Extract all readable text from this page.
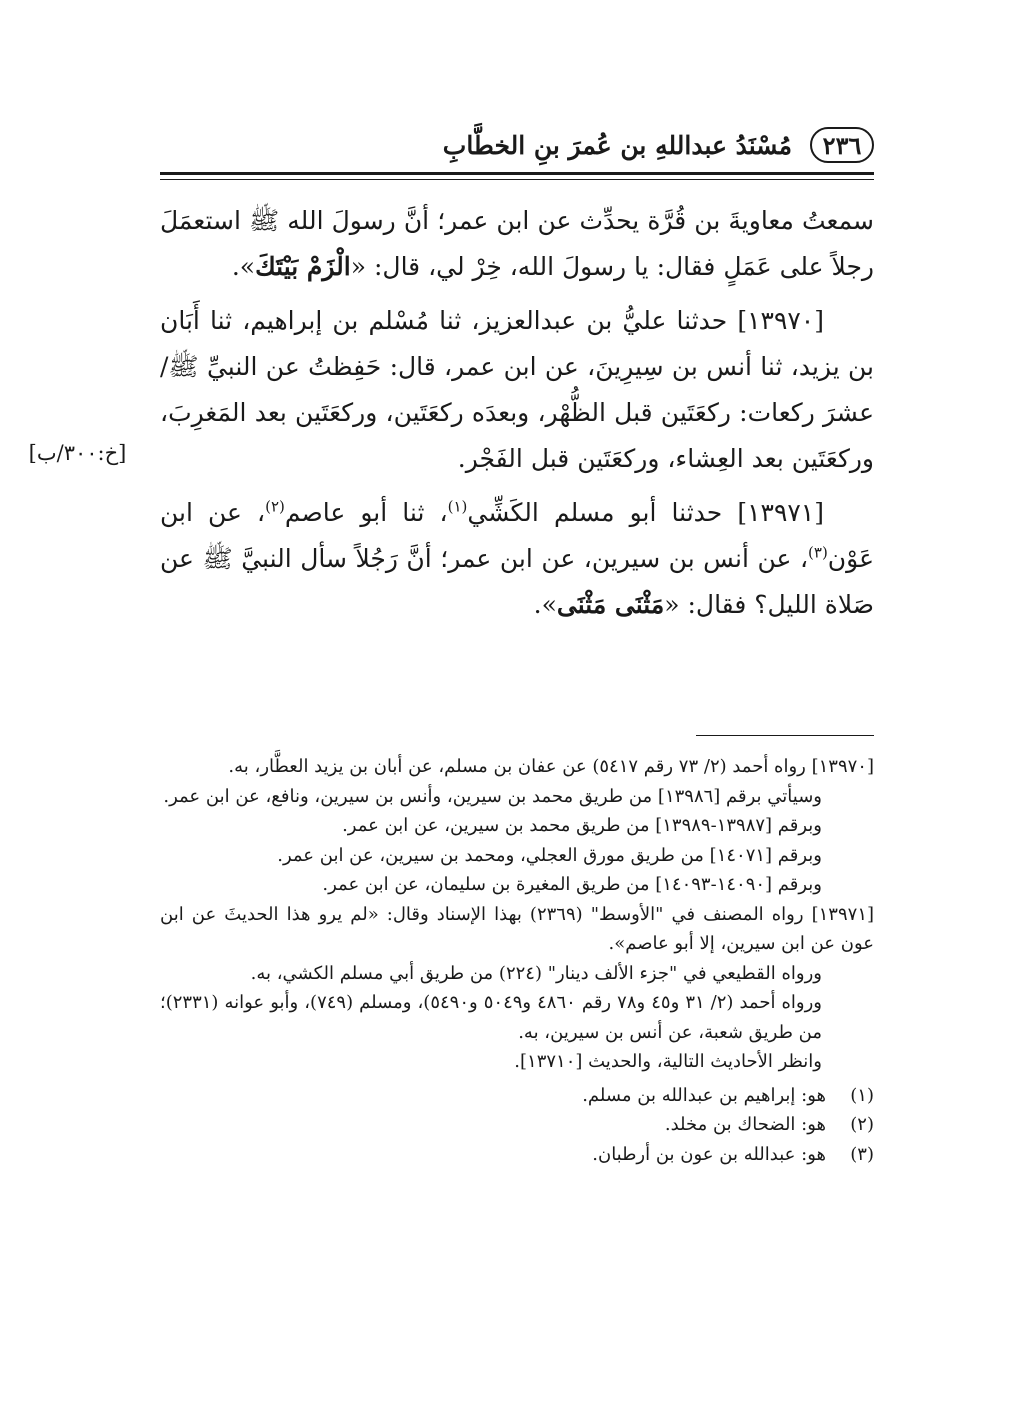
٢٣٦
مُسْنَدُ عبداللهِ بن عُمرَ بنِ الخطَّابِ
[خ:٣٠٠/ب]

سمعتُ معاويةَ بن قُرَّة يحدِّث عن ابن عمر؛ أنَّ رسولَ الله ﷺ استعمَلَ رجلاً على عَمَلٍ فقال: يا رسولَ الله، خِرْ لي، قال: «الْزَمْ بَيْتَكَ».

[١٣٩٧٠] حدثنا عليُّ بن عبدالعزيز، ثنا مُسْلم بن إبراهيم، ثنا أَبَان بن يزيد، ثنا أنس بن سِيرِينَ، عن ابن عمر، قال: حَفِظتُ عن النبيِّ ﷺ/ عشرَ ركعات: ركعَتَين قبل الظُّهْر، وبعدَه ركعَتَين، وركعَتَين بعد المَغرِبَ، وركعَتَين بعد العِشاء، وركعَتَين قبل الفَجْر.

[١٣٩٧١] حدثنا أبو مسلم الكَشِّي$^{(١)}$، ثنا أبو عاصم$^{(٢)}$، عن ابن عَوْن$^{(٣)}$، عن أنس بن سيرين، عن ابن عمر؛ أنَّ رَجُلاً سأل النبيَّ ﷺ عن صَلاة الليل؟ فقال: «مَثْنَى مَثْنَى».

[١٣٩٧٠] رواه أحمد (٢/ ٧٣ رقم ٥٤١٧) عن عفان بن مسلم، عن أبان بن يزيد العطَّار، به.

وسيأتي برقم [١٣٩٨٦] من طريق محمد بن سيرين، وأنس بن سيرين، ونافع، عن ابن عمر.

وبرقم [١٣٩٨٧-١٣٩٨٩] من طريق محمد بن سيرين، عن ابن عمر.

وبرقم [١٤٠٧١] من طريق مورق العجلي، ومحمد بن سيرين، عن ابن عمر.

وبرقم [١٤٠٩٠-١٤٠٩٣] من طريق المغيرة بن سليمان، عن ابن عمر.

[١٣٩٧١] رواه المصنف في "الأوسط" (٢٣٦٩) بهذا الإسناد وقال: «لم يرو هذا الحديثَ عن ابن عون عن ابن سيرين، إلا أبو عاصم».

ورواه القطيعي في "جزء الألف دينار" (٢٢٤) من طريق أبي مسلم الكشي، به.

ورواه أحمد (٢/ ٣١ و٤٥ و٧٨ رقم ٤٨٦٠ و٥٠٤٩ و٥٤٩٠)، ومسلم (٧٤٩)، وأبو عوانه (٢٣٣١)؛ من طريق شعبة، عن أنس بن سيرين، به.

وانظر الأحاديث التالية، والحديث [١٣٧١٠].

(١)هو: إبراهيم بن عبدالله بن مسلم.

(٢)هو: الضحاك بن مخلد.

(٣)هو: عبدالله بن عون بن أرطبان.
